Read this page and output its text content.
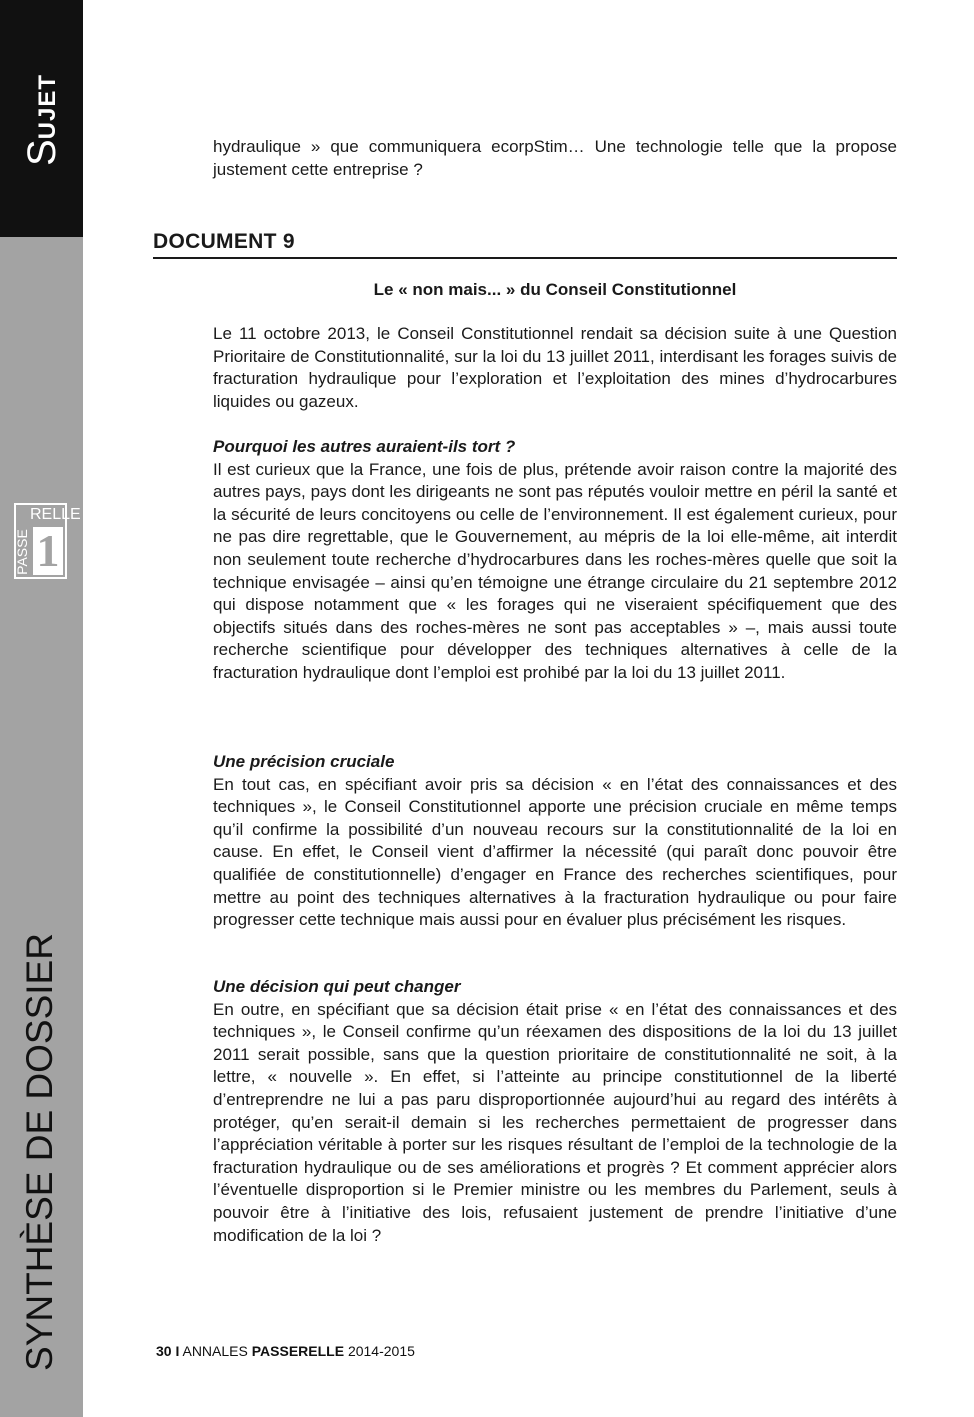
SUJET
RELLE
PASSE 1
SYNTHÈSE DE DOSSIER

hydraulique » que communiquera ecorpStim… Une technologie telle que la propose justement cette entreprise ?

DOCUMENT 9
Le « non mais... » du Conseil Constitutionnel

Le 11 octobre 2013, le Conseil Constitutionnel rendait sa décision suite à une Question Prioritaire de Constitutionnalité, sur la loi du 13 juillet 2011, interdisant les forages suivis de fracturation hydraulique pour l’exploration et l’exploitation des mines d’hydrocarbures liquides ou gazeux.

Pourquoi les autres auraient-ils tort ?

Il est curieux que la France, une fois de plus, prétende avoir raison contre la majorité des autres pays, pays dont les dirigeants ne sont pas réputés vouloir mettre en péril la santé et la sécurité de leurs concitoyens ou celle de l’environnement. Il est également curieux, pour ne pas dire regrettable, que le Gouvernement, au mépris de la loi elle-même, ait interdit non seulement toute recherche d’hydrocarbures dans les roches-mères quelle que soit la technique envisagée – ainsi qu’en témoigne une étrange circulaire du 21 septembre 2012 qui dispose notamment que « les forages qui ne viseraient spécifiquement que des objectifs situés dans des roches-mères ne sont pas acceptables » –, mais aussi toute recherche scientifique pour développer des techniques alternatives à celle de la fracturation hydraulique dont l’emploi est prohibé par la loi du 13 juillet 2011.

Une précision cruciale

En tout cas, en spécifiant avoir pris sa décision « en l’état des connaissances et des techniques », le Conseil Constitutionnel apporte une précision cruciale en même temps qu’il confirme la possibilité d’un nouveau recours sur la constitutionnalité de la loi en cause. En effet, le Conseil vient d’affirmer la nécessité (qui paraît donc pouvoir être qualifiée de constitutionnelle) d’engager en France des recherches scientifiques, pour mettre au point des techniques alternatives à la fracturation hydraulique ou pour faire progresser cette technique mais aussi pour en évaluer plus précisément les risques.

Une décision qui peut changer

En outre, en spécifiant que sa décision était prise « en l’état des connaissances et des techniques », le Conseil confirme qu’un réexamen des dispositions de la loi du 13 juillet 2011 serait possible, sans que la question prioritaire de constitutionnalité ne soit, à la lettre, « nouvelle ». En effet, si l’atteinte au principe constitutionnel de la liberté d’entreprendre ne lui a pas paru disproportionnée aujourd’hui au regard des intérêts à protéger, qu’en serait-il demain si les recherches permettaient de progresser dans l’appréciation véritable à porter sur les risques résultant de l’emploi de la technologie de la fracturation hydraulique ou de ses améliorations et progrès ? Et comment apprécier alors l’éventuelle disproportion si le Premier ministre ou les membres du Parlement, seuls à pouvoir être à l’initiative des lois, refusaient justement de prendre l’initiative d’une modification de la loi ?

30 I ANNALES PASSERELLE 2014-2015
